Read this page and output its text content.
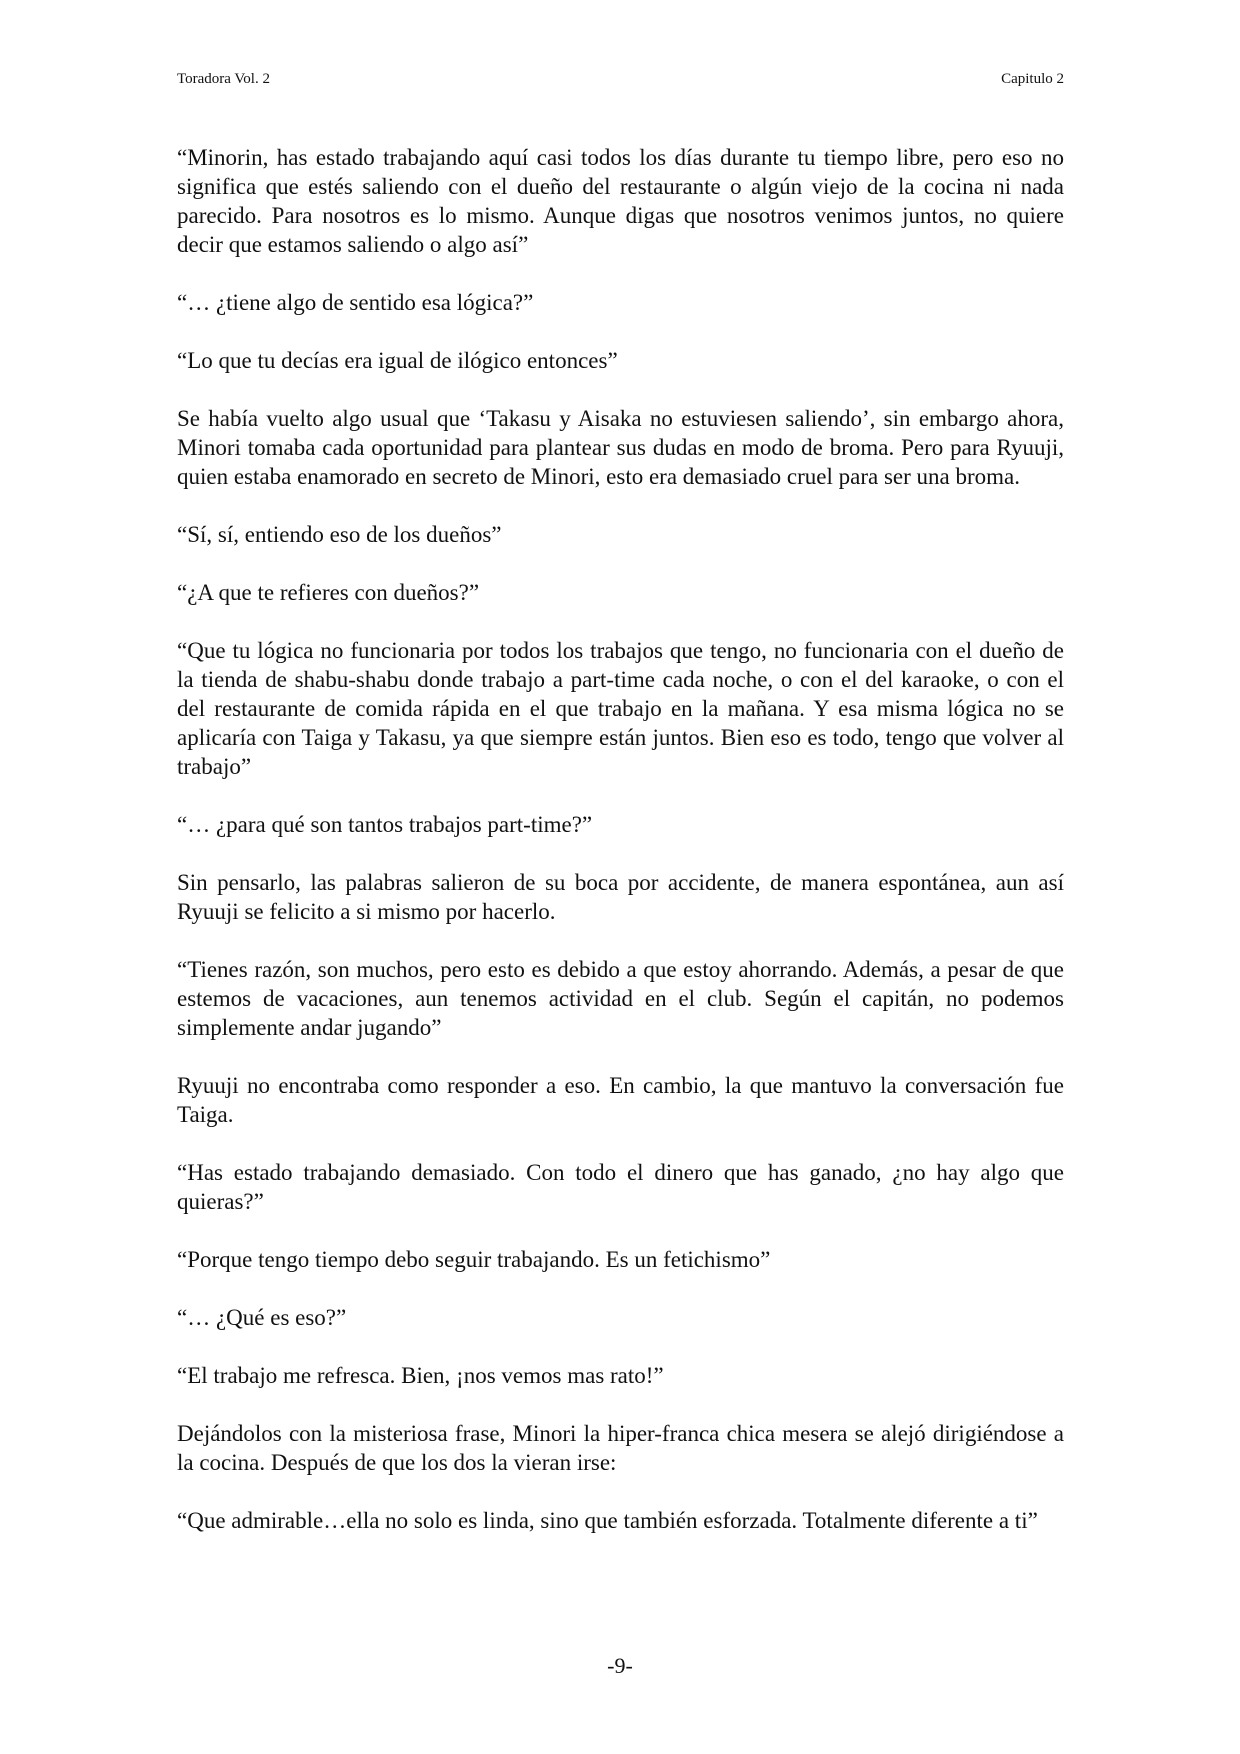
Toradora Vol. 2	Capitulo 2

“Minorin, has estado trabajando aquí casi todos los días durante tu tiempo libre, pero eso no significa que estés saliendo con el dueño del restaurante o algún viejo de la cocina ni nada parecido. Para nosotros es lo mismo. Aunque digas que nosotros venimos juntos, no quiere decir que estamos saliendo o algo así”

“… ¿tiene algo de sentido esa lógica?”

“Lo que tu decías era igual de ilógico entonces”

Se había vuelto algo usual que ‘Takasu y Aisaka no estuviesen saliendo’, sin embargo ahora, Minori tomaba cada oportunidad para plantear sus dudas en modo de broma. Pero para Ryuuji, quien estaba enamorado en secreto de Minori, esto era demasiado cruel para ser una broma.

“Sí, sí, entiendo eso de los dueños”

“¿A que te refieres con dueños?”

“Que tu lógica no funcionaria por todos los trabajos que tengo, no funcionaria con el dueño de la tienda de shabu-shabu donde trabajo a part-time cada noche, o con el del karaoke, o con el del restaurante de comida rápida en el que trabajo en la mañana. Y esa misma lógica no se aplicaría con Taiga y Takasu, ya que siempre están juntos. Bien eso es todo, tengo que volver al trabajo”

“… ¿para qué son tantos trabajos part-time?”

Sin pensarlo, las palabras salieron de su boca por accidente, de manera espontánea, aun así Ryuuji se felicito a si mismo por hacerlo.

“Tienes razón, son muchos, pero esto es debido a que estoy ahorrando. Además, a pesar de que estemos de vacaciones, aun tenemos actividad en el club. Según el capitán, no podemos simplemente andar jugando”

Ryuuji no encontraba como responder a eso. En cambio, la que mantuvo la conversación fue Taiga.

“Has estado trabajando demasiado. Con todo el dinero que has ganado, ¿no hay algo que quieras?”

“Porque tengo tiempo debo seguir trabajando. Es un fetichismo”

“… ¿Qué es eso?”

“El trabajo me refresca. Bien, ¡nos vemos mas rato!”

Dejándolos con la misteriosa frase, Minori la hiper-franca chica mesera se alejó dirigiéndose a la cocina. Después de que los dos la vieran irse:

“Que admirable…ella no solo es linda, sino que también esforzada. Totalmente diferente a ti”

-9-
